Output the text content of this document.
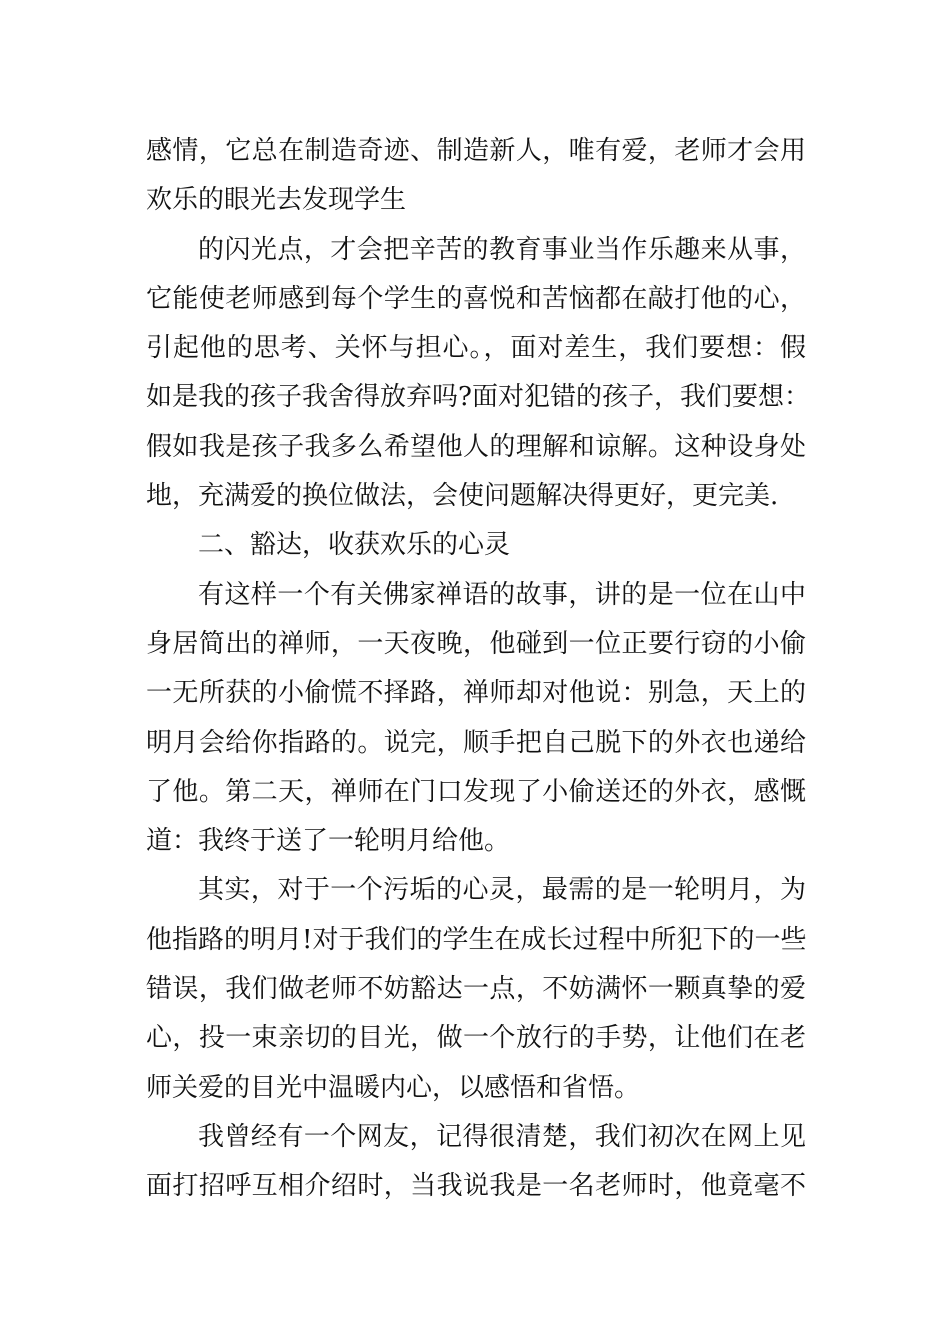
感情，它总在制造奇迹、制造新人，唯有爱，老师才会用
欢乐的眼光去发现学生
的闪光点，才会把辛苦的教育事业当作乐趣来从事，
它能使老师感到每个学生的喜悦和苦恼都在敲打他的心，
引起他的思考、关怀与担心。，面对差生，我们要想：假
如是我的孩子我舍得放弃吗?面对犯错的孩子，我们要想：
假如我是孩子我多么希望他人的理解和谅解。这种设身处
地，充满爱的换位做法，会使问题解决得更好，更完美.
二、豁达，收获欢乐的心灵
有这样一个有关佛家禅语的故事，讲的是一位在山中
身居简出的禅师，一天夜晚，他碰到一位正要行窃的小偷
一无所获的小偷慌不择路，禅师却对他说：别急，天上的
明月会给你指路的。说完，顺手把自己脱下的外衣也递给
了他。第二天，禅师在门口发现了小偷送还的外衣，感慨
道：我终于送了一轮明月给他。
其实，对于一个污垢的心灵，最需的是一轮明月，为
他指路的明月!对于我们的学生在成长过程中所犯下的一些
错误，我们做老师不妨豁达一点，不妨满怀一颗真挚的爱
心，投一束亲切的目光，做一个放行的手势，让他们在老
师关爱的目光中温暖内心，以感悟和省悟。
我曾经有一个网友，记得很清楚，我们初次在网上见
面打招呼互相介绍时，当我说我是一名老师时，他竟毫不
